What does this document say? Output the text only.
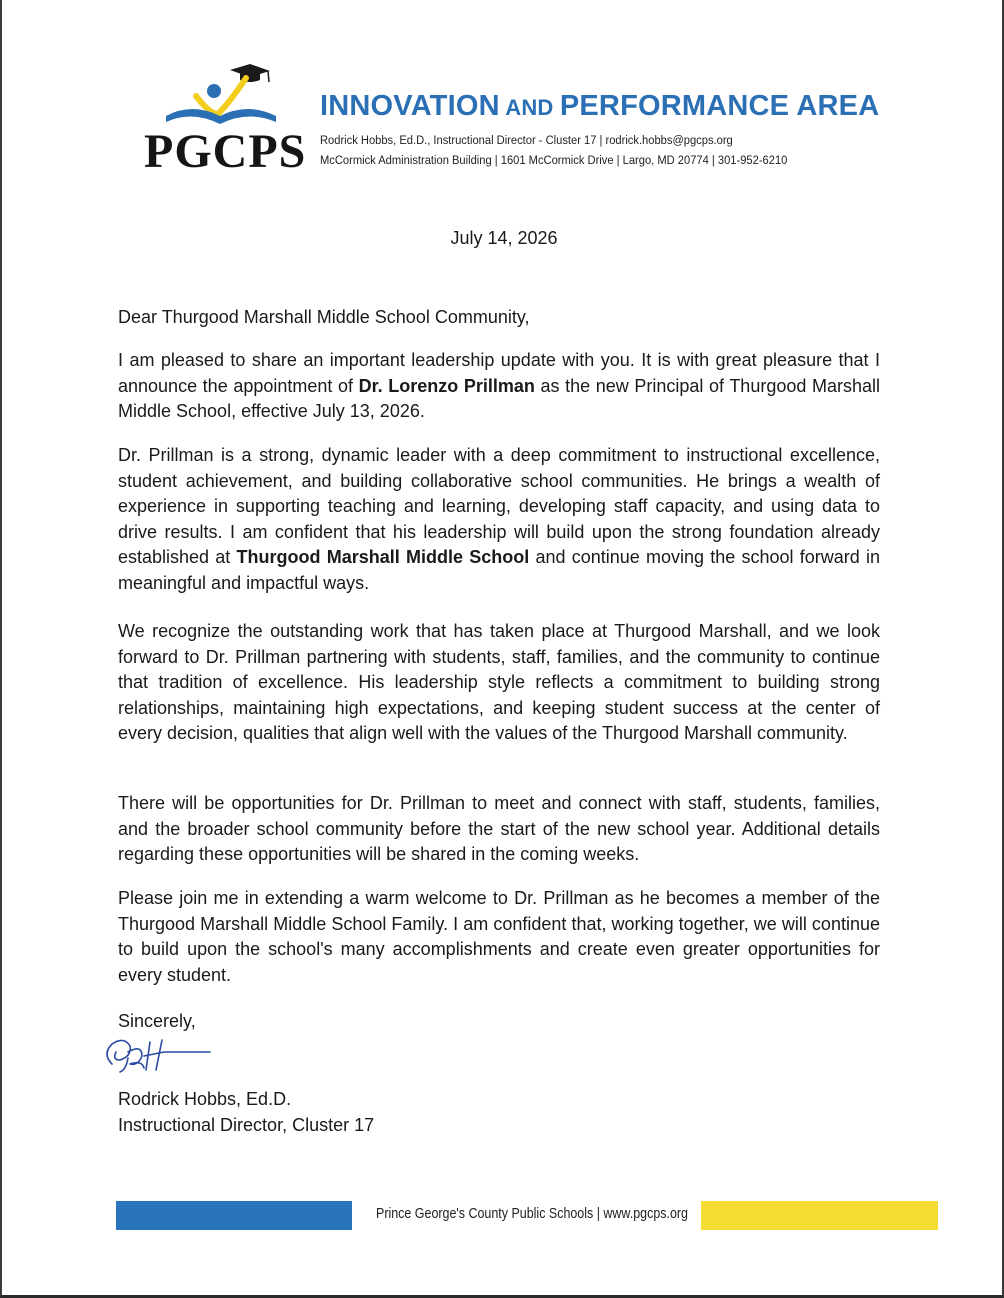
PGCPS
INNOVATION AND PERFORMANCE AREA
Rodrick Hobbs, Ed.D., Instructional Director - Cluster 17 | rodrick.hobbs@pgcps.org
McCormick Administration Building | 1601 McCormick Drive | Largo, MD 20774 | 301-952-6210
July 14, 2026
Dear Thurgood Marshall Middle School Community,
I am pleased to share an important leadership update with you. It is with great pleasure that I announce the appointment of Dr. Lorenzo Prillman as the new Principal of Thurgood Marshall Middle School, effective July 13, 2026.
Dr. Prillman is a strong, dynamic leader with a deep commitment to instructional excellence, student achievement, and building collaborative school communities. He brings a wealth of experience in supporting teaching and learning, developing staff capacity, and using data to drive results. I am confident that his leadership will build upon the strong foundation already established at Thurgood Marshall Middle School and continue moving the school forward in meaningful and impactful ways.
We recognize the outstanding work that has taken place at Thurgood Marshall, and we look forward to Dr. Prillman partnering with students, staff, families, and the community to continue that tradition of excellence. His leadership style reflects a commitment to building strong relationships, maintaining high expectations, and keeping student success at the center of every decision, qualities that align well with the values of the Thurgood Marshall community.
There will be opportunities for Dr. Prillman to meet and connect with staff, students, families, and the broader school community before the start of the new school year. Additional details regarding these opportunities will be shared in the coming weeks.
Please join me in extending a warm welcome to Dr. Prillman as he becomes a member of the Thurgood Marshall Middle School Family. I am confident that, working together, we will continue to build upon the school's many accomplishments and create even greater opportunities for every student.
Sincerely,
Rodrick Hobbs, Ed.D.
Instructional Director, Cluster 17
Prince George's County Public Schools | www.pgcps.org
